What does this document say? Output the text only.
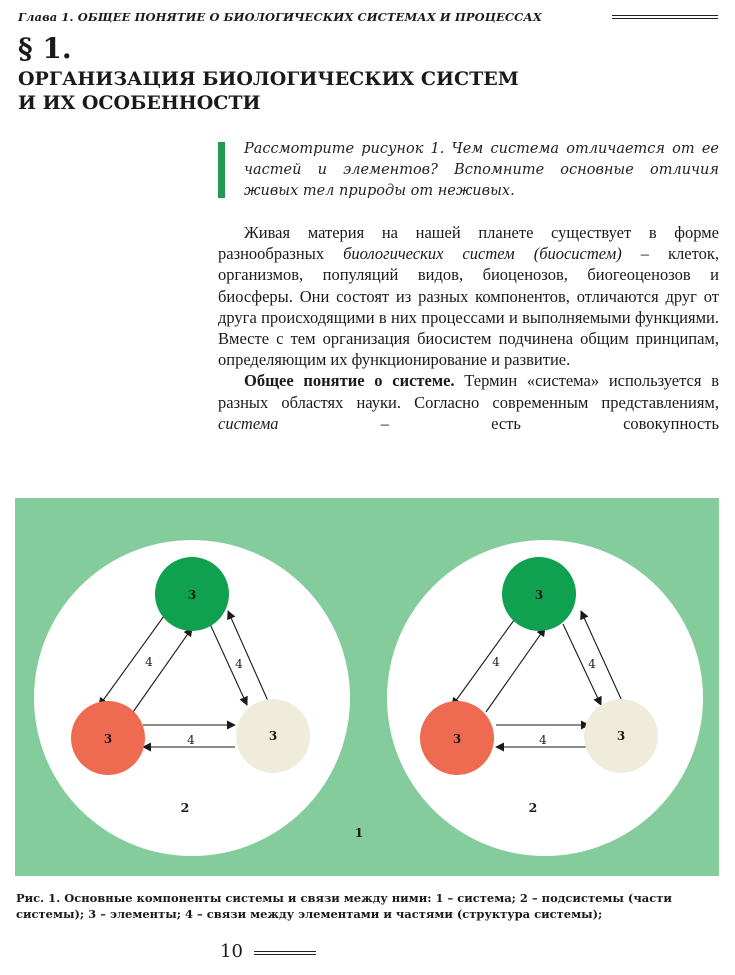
Глава 1. ОБЩЕЕ ПОНЯТИЕ О БИОЛОГИЧЕСКИХ СИСТЕМАХ И ПРОЦЕССАХ
§ 1.
ОРГАНИЗАЦИЯ БИОЛОГИЧЕСКИХ СИСТЕМ
И ИХ ОСОБЕННОСТИ
Рассмотрите рисунок 1. Чем система отличается от ее частей и элементов? Вспомните основные отличия живых тел природы от неживых.

Живая материя на нашей планете существует в форме разнообразных биологических систем (биосистем) – клеток, организмов, популяций видов, биоценозов, биогеоценозов и биосферы. Они состоят из разных компонентов, отличаются друг от друга происходящими в них процессами и выполняемыми функциями. Вместе с тем организация биосистем подчинена общим принципам, определяющим их функционирование и развитие.

Общее понятие о системе. Термин «система» используется в разных областях науки. Согласно современным представлениям, система – есть совокупность

3
3	3
4	4
4
2
3
3	3
4	4
4
2
1
Рис. 1. Основные компоненты системы и связи между ними: 1 – система; 2 – подсистемы (части системы); 3 – элементы; 4 – связи между элементами и частями (структура системы);
10
